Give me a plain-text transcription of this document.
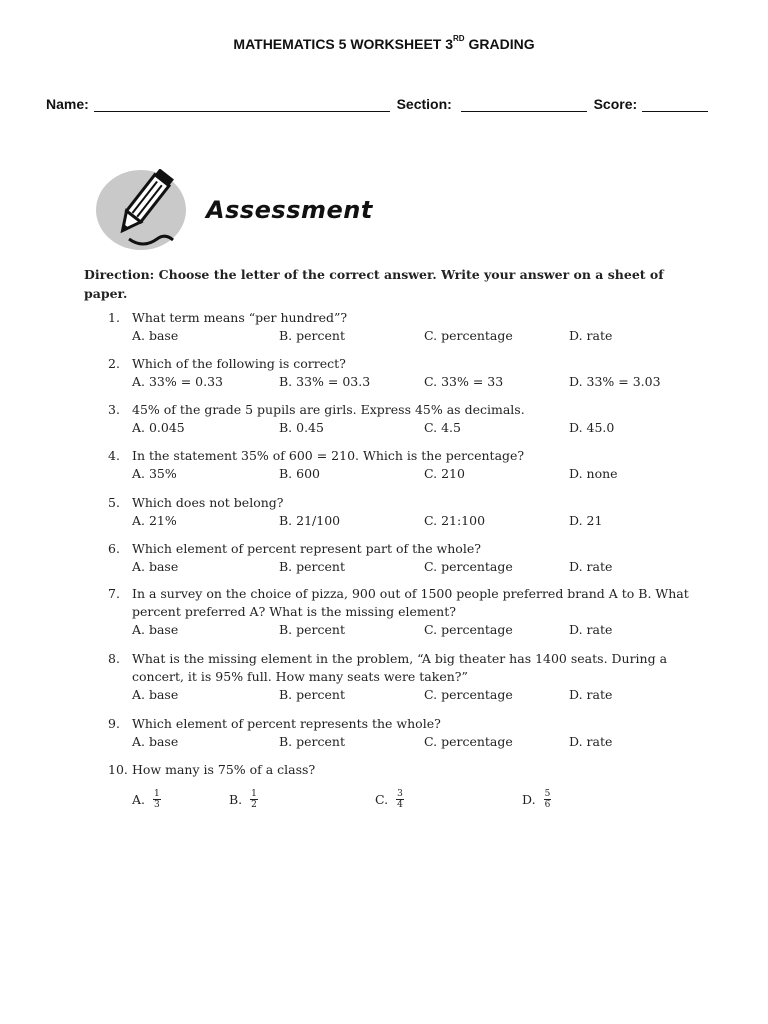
MATHEMATICS 5 WORKSHEET 3RD GRADING
Name:	Section:	Score:
Assessment
Direction: Choose the letter of the correct answer. Write your answer on a sheet of paper.
1. What term means “per hundred”?
A. base	B. percent	C. percentage	D. rate
2. Which of the following is correct?
A. 33% = 0.33	B. 33% = 03.3	C. 33% = 33	D. 33% = 3.03
3. 45% of the grade 5 pupils are girls. Express 45% as decimals.
A. 0.045	B. 0.45	C. 4.5	D. 45.0
4. In the statement 35% of 600 = 210. Which is the percentage?
A. 35%	B. 600	C. 210	D. none
5. Which does not belong?
A. 21%	B. 21/100	C. 21:100	D. 21
6. Which element of percent represent part of the whole?
A. base	B. percent	C. percentage	D. rate
7. In a survey on the choice of pizza, 900 out of 1500 people preferred brand A to B. What percent preferred A? What is the missing element?
A. base	B. percent	C. percentage	D. rate
8. What is the missing element in the problem, “A big theater has 1400 seats. During a concert, it is 95% full. How many seats were taken?”
A. base	B. percent	C. percentage	D. rate
9. Which element of percent represents the whole?
A. base	B. percent	C. percentage	D. rate
10. How many is 75% of a class?
A. $\frac{1}{3}$	B. $\frac{1}{2}$	C. $\frac{3}{4}$	D. $\frac{5}{6}$
